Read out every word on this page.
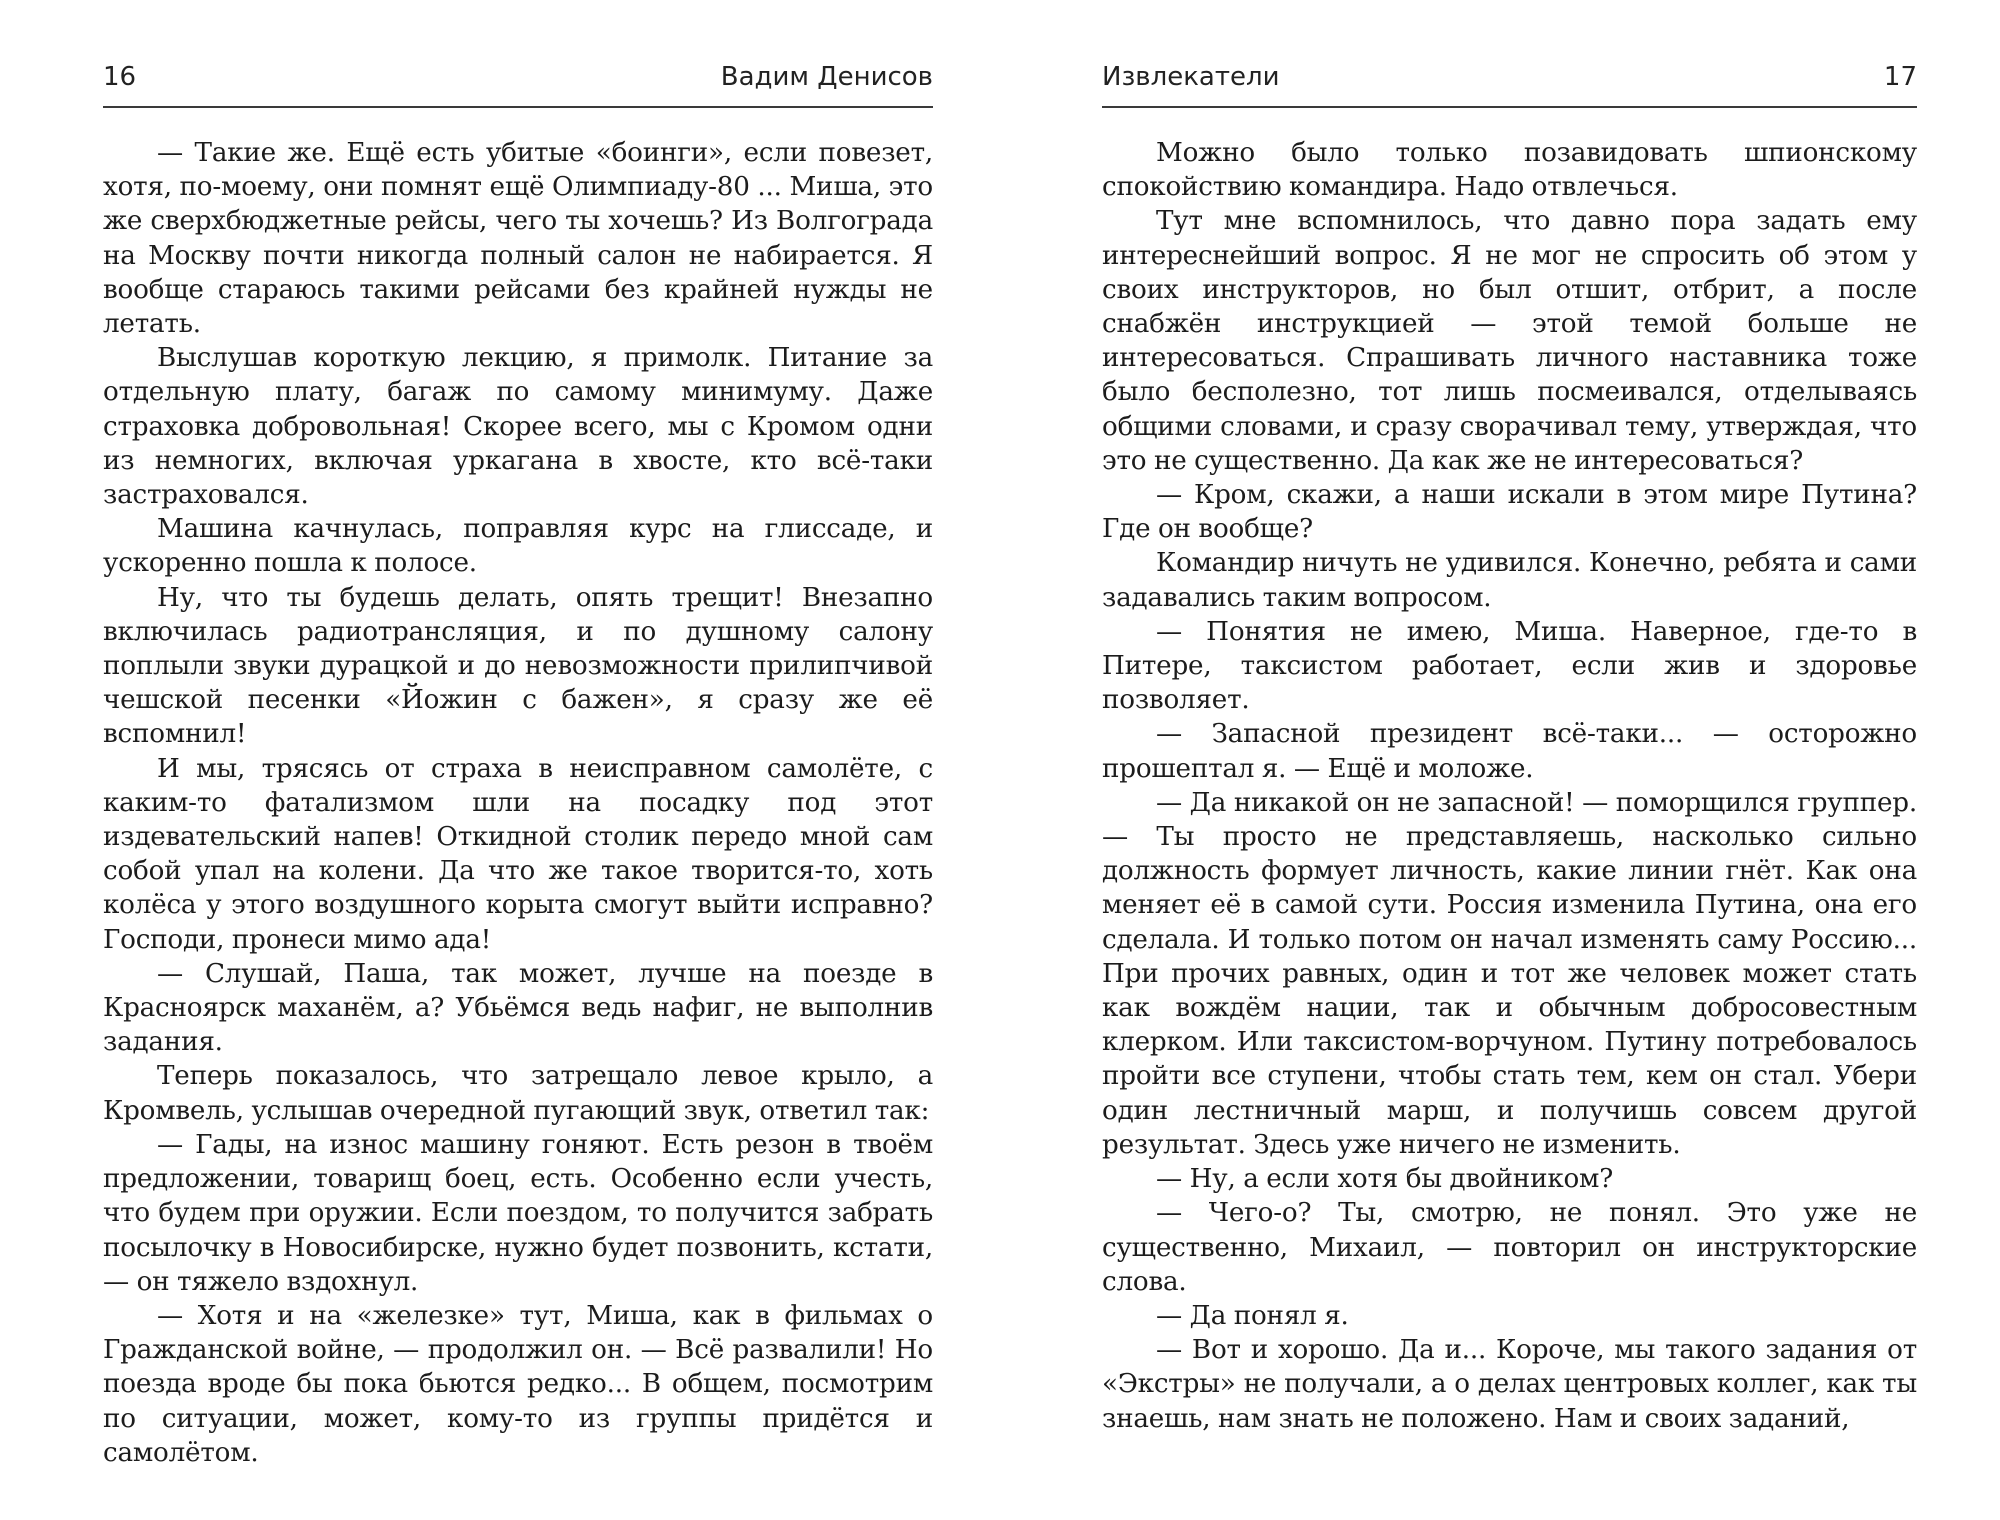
16	Вадим Денисов

— Такие же. Ещё есть убитые «боинги», если повезет, хотя, по-моему, они помнят ещё Олимпиаду-80 ... Миша, это же сверхбюджетные рейсы, чего ты хочешь? Из Волгограда на Москву почти никогда полный салон не набирается. Я вообще стараюсь такими рейсами без крайней нужды не летать.

Выслушав короткую лекцию, я примолк. Питание за отдельную плату, багаж по самому минимуму. Даже страховка добровольная! Скорее всего, мы с Кромом одни из немногих, включая уркагана в хвосте, кто всё-таки застраховался.

Машина качнулась, поправляя курс на глиссаде, и ускоренно пошла к полосе.

Ну, что ты будешь делать, опять трещит! Внезапно включилась радиотрансляция, и по душному салону поплыли звуки дурацкой и до невозможности прилипчивой чешской песенки «Йожин с бажен», я сразу же её вспомнил!

И мы, трясясь от страха в неисправном самолёте, с каким-то фатализмом шли на посадку под этот издевательский напев! Откидной столик передо мной сам собой упал на колени. Да что же такое творится-то, хоть колёса у этого воздушного корыта смогут выйти исправно? Господи, пронеси мимо ада!

— Слушай, Паша, так может, лучше на поезде в Красноярск маханём, а? Убьёмся ведь нафиг, не выполнив задания.

Теперь показалось, что затрещало левое крыло, а Кромвель, услышав очередной пугающий звук, ответил так:

— Гады, на износ машину гоняют. Есть резон в твоём предложении, товарищ боец, есть. Особенно если учесть, что будем при оружии. Если поездом, то получится забрать посылочку в Новосибирске, нужно будет позвонить, кстати, — он тяжело вздохнул.

— Хотя и на «железке» тут, Миша, как в фильмах о Гражданской войне, — продолжил он. — Всё развалили! Но поезда вроде бы пока бьются редко... В общем, посмотрим по ситуации, может, кому-то из группы придётся и самолётом.

Извлекатели	17

Можно было только позавидовать шпионскому спокойствию командира. Надо отвлечься.

Тут мне вспомнилось, что давно пора задать ему интереснейший вопрос. Я не мог не спросить об этом у своих инструкторов, но был отшит, отбрит, а после снабжён инструкцией — этой темой больше не интересоваться. Спрашивать личного наставника тоже было бесполезно, тот лишь посмеивался, отделываясь общими словами, и сразу сворачивал тему, утверждая, что это не существенно. Да как же не интересоваться?

— Кром, скажи, а наши искали в этом мире Путина? Где он вообще?

Командир ничуть не удивился. Конечно, ребята и сами задавались таким вопросом.

— Понятия не имею, Миша. Наверное, где-то в Питере, таксистом работает, если жив и здоровье позволяет.

— Запасной президент всё-таки... — осторожно прошептал я. — Ещё и моложе.

— Да никакой он не запасной! — поморщился группер. — Ты просто не представляешь, насколько сильно должность формует личность, какие линии гнёт. Как она меняет её в самой сути. Россия изменила Путина, она его сделала. И только потом он начал изменять саму Россию... При прочих равных, один и тот же человек может стать как вождём нации, так и обычным добросовестным клерком. Или таксистом-ворчуном. Путину потребовалось пройти все ступени, чтобы стать тем, кем он стал. Убери один лестничный марш, и получишь совсем другой результат. Здесь уже ничего не изменить.

— Ну, а если хотя бы двойником?

— Чего-о? Ты, смотрю, не понял. Это уже не существенно, Михаил, — повторил он инструкторские слова.

— Да понял я.

— Вот и хорошо. Да и... Короче, мы такого задания от «Экстры» не получали, а о делах центровых коллег, как ты знаешь, нам знать не положено. Нам и своих заданий,
